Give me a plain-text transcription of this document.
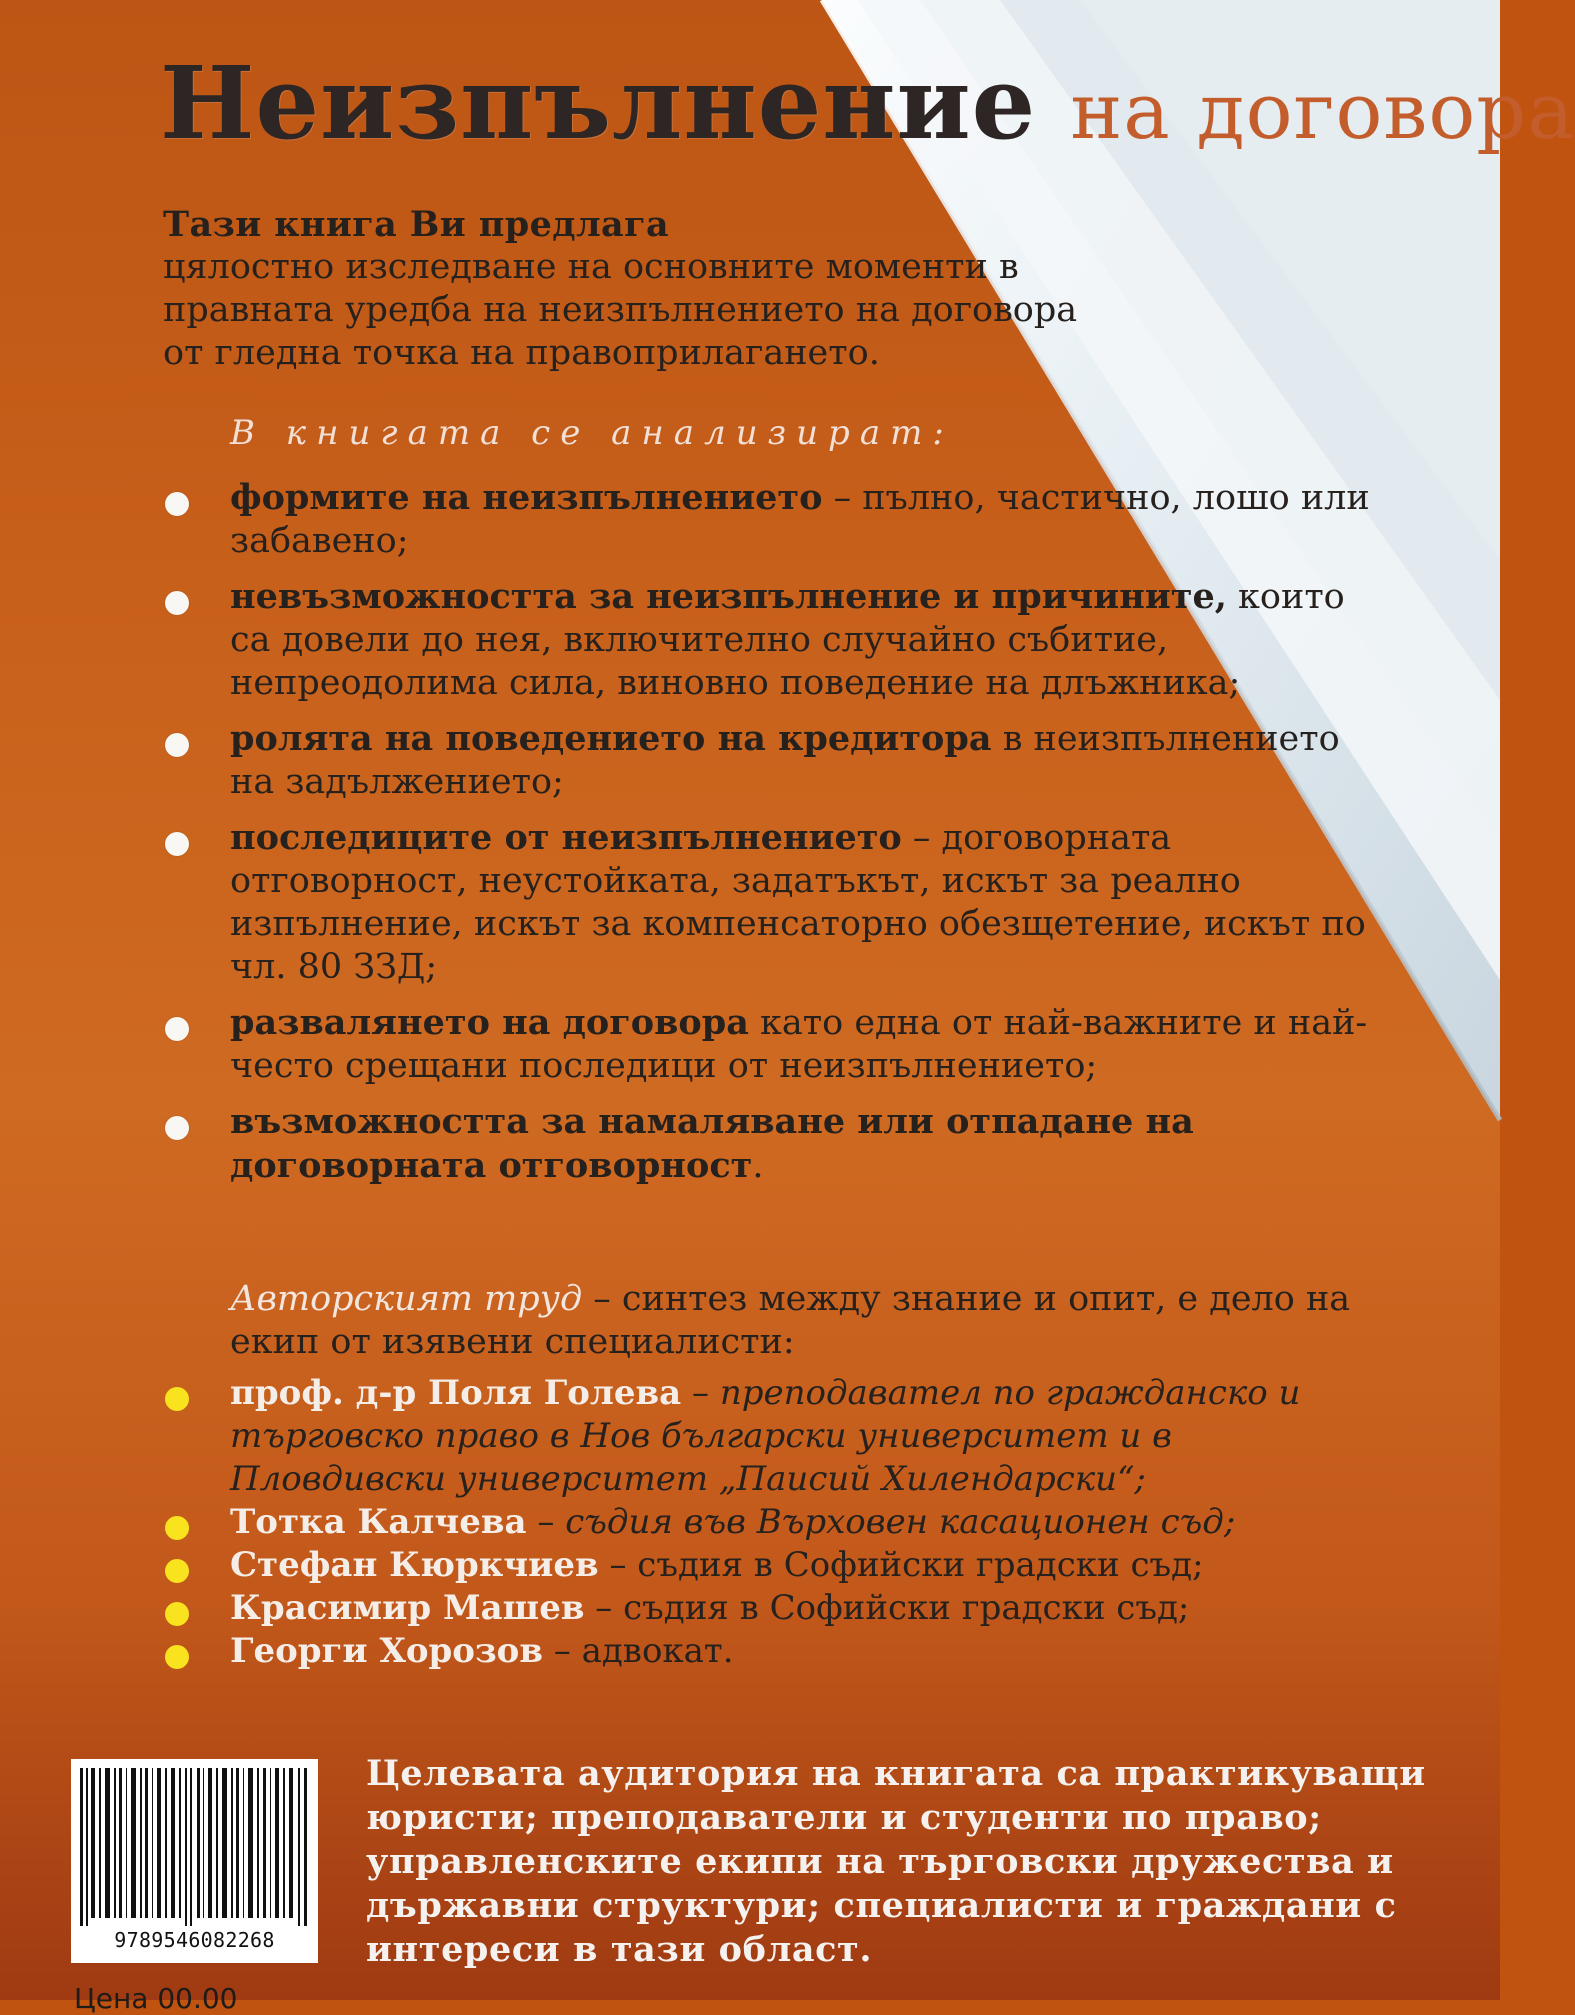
Неизпълнение на договора
Тази книга Ви предлага
цялостно изследване на основните моменти в правната уредба на неизпълнението на договора от гледна точка на правоприлагането.
В книгата се анализират:
формите на неизпълнението – пълно, частично, лошо или забавено;
невъзможността за неизпълнение и причините, които са довели до нея, включително случайно събитие, непреодолима сила, виновно поведение на длъжника;
ролята на поведението на кредитора в неизпълнението на задължението;
последиците от неизпълнението – договорната отговорност, неустойката, задатъкът, искът за реално изпълнение, искът за компенсаторно обезщетение, искът по чл. 80 ЗЗД;
развалянето на договора като една от най-важните и най-често срещани последици от неизпълнението;
възможността за намаляване или отпадане на договорната отговорност.
Авторският труд – синтез между знание и опит, е дело на екип от изявени специалисти:
проф. д-р Поля Голева – преподавател по гражданско и търговско право в Нов български университет и в Пловдивски университет „Паисий Хилендарски“;
Тотка Калчева – съдия във Върховен касационен съд;
Стефан Кюркчиев – съдия в Софийски градски съд;
Красимир Машев – съдия в Софийски градски съд;
Георги Хорозов – адвокат.
9789546082268
Целевата аудитория на книгата са практикуващи юристи; преподаватели и студенти по право; управленските екипи на търговски дружества и държавни структури; специалисти и граждани с интереси в тази област.
Цена 00.00
